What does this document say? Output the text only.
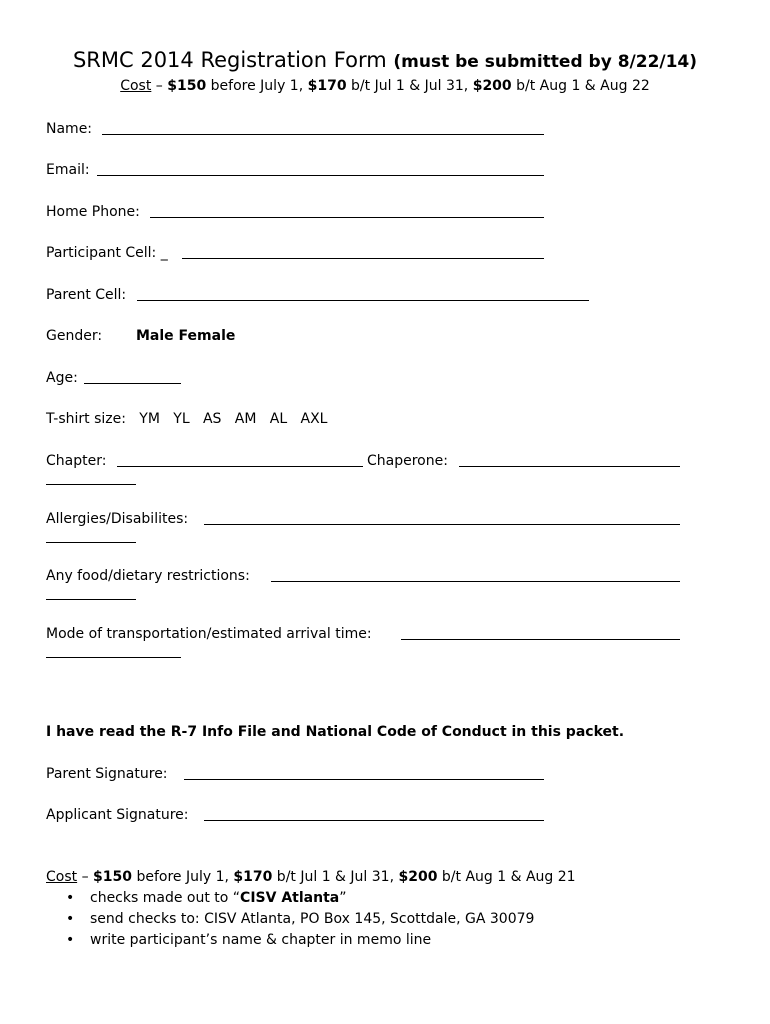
SRMC 2014 Registration Form (must be submitted by 8/22/14)
Cost – $150 before July 1, $170 b/t Jul 1 & Jul 31, $200 b/t Aug 1 & Aug 22
Name:
Email:
Home Phone:
Participant Cell: _
Parent Cell:
Gender: Male Female
Age:
T-shirt size:   YM   YL   AS   AM   AL   AXL
Chapter:	Chaperone:
Allergies/Disabilites:
Any food/dietary restrictions:
Mode of transportation/estimated arrival time:
I have read the R-7 Info File and National Code of Conduct in this packet.
Parent Signature:
Applicant Signature:
Cost – $150 before July 1, $170 b/t Jul 1 & Jul 31, $200 b/t Aug 1 & Aug 21
• checks made out to “CISV Atlanta”
• send checks to: CISV Atlanta, PO Box 145, Scottdale, GA 30079
• write participant’s name & chapter in memo line
